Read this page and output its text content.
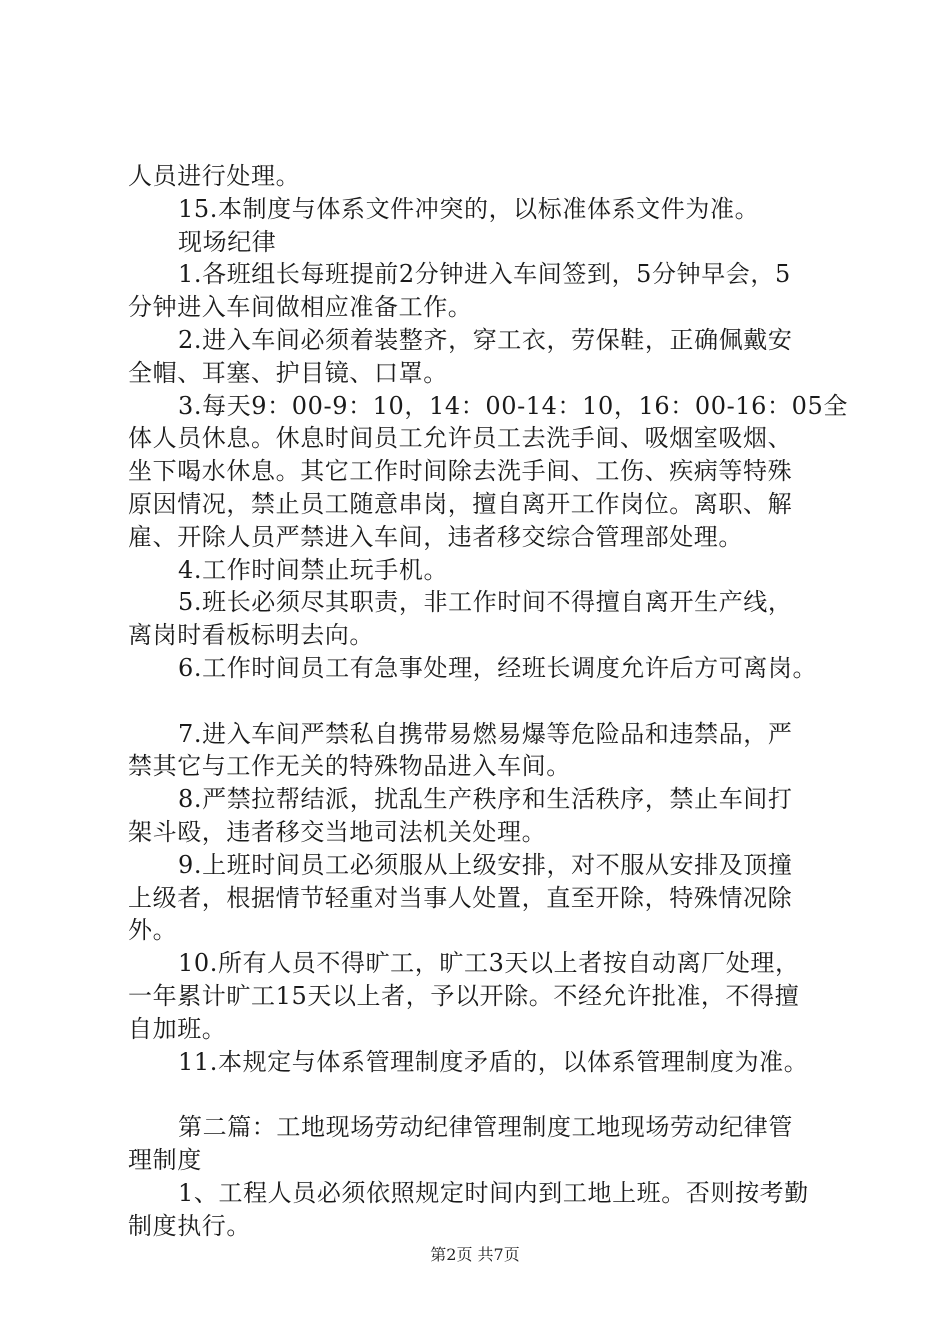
人员进行处理。
15.本制度与体系文件冲突的，以标准体系文件为准。
现场纪律
1.各班组长每班提前2分钟进入车间签到，5分钟早会，5
分钟进入车间做相应准备工作。
2.进入车间必须着装整齐，穿工衣，劳保鞋，正确佩戴安
全帽、耳塞、护目镜、口罩。
3.每天9：00-9：10，14：00-14：10，16：00-16：05全
体人员休息。休息时间员工允许员工去洗手间、吸烟室吸烟、
坐下喝水休息。其它工作时间除去洗手间、工伤、疾病等特殊
原因情况，禁止员工随意串岗，擅自离开工作岗位。离职、解
雇、开除人员严禁进入车间，违者移交综合管理部处理。
4.工作时间禁止玩手机。
5.班长必须尽其职责，非工作时间不得擅自离开生产线，
离岗时看板标明去向。
6.工作时间员工有急事处理，经班长调度允许后方可离岗。
7.进入车间严禁私自携带易燃易爆等危险品和违禁品，严
禁其它与工作无关的特殊物品进入车间。
8.严禁拉帮结派，扰乱生产秩序和生活秩序，禁止车间打
架斗殴，违者移交当地司法机关处理。
9.上班时间员工必须服从上级安排，对不服从安排及顶撞
上级者，根据情节轻重对当事人处置，直至开除，特殊情况除
外。
10.所有人员不得旷工，旷工3天以上者按自动离厂处理，
一年累计旷工15天以上者，予以开除。不经允许批准，不得擅
自加班。
11.本规定与体系管理制度矛盾的，以体系管理制度为准。
第二篇：工地现场劳动纪律管理制度工地现场劳动纪律管
理制度
1、工程人员必须依照规定时间内到工地上班。否则按考勤
制度执行。
第2页 共7页
